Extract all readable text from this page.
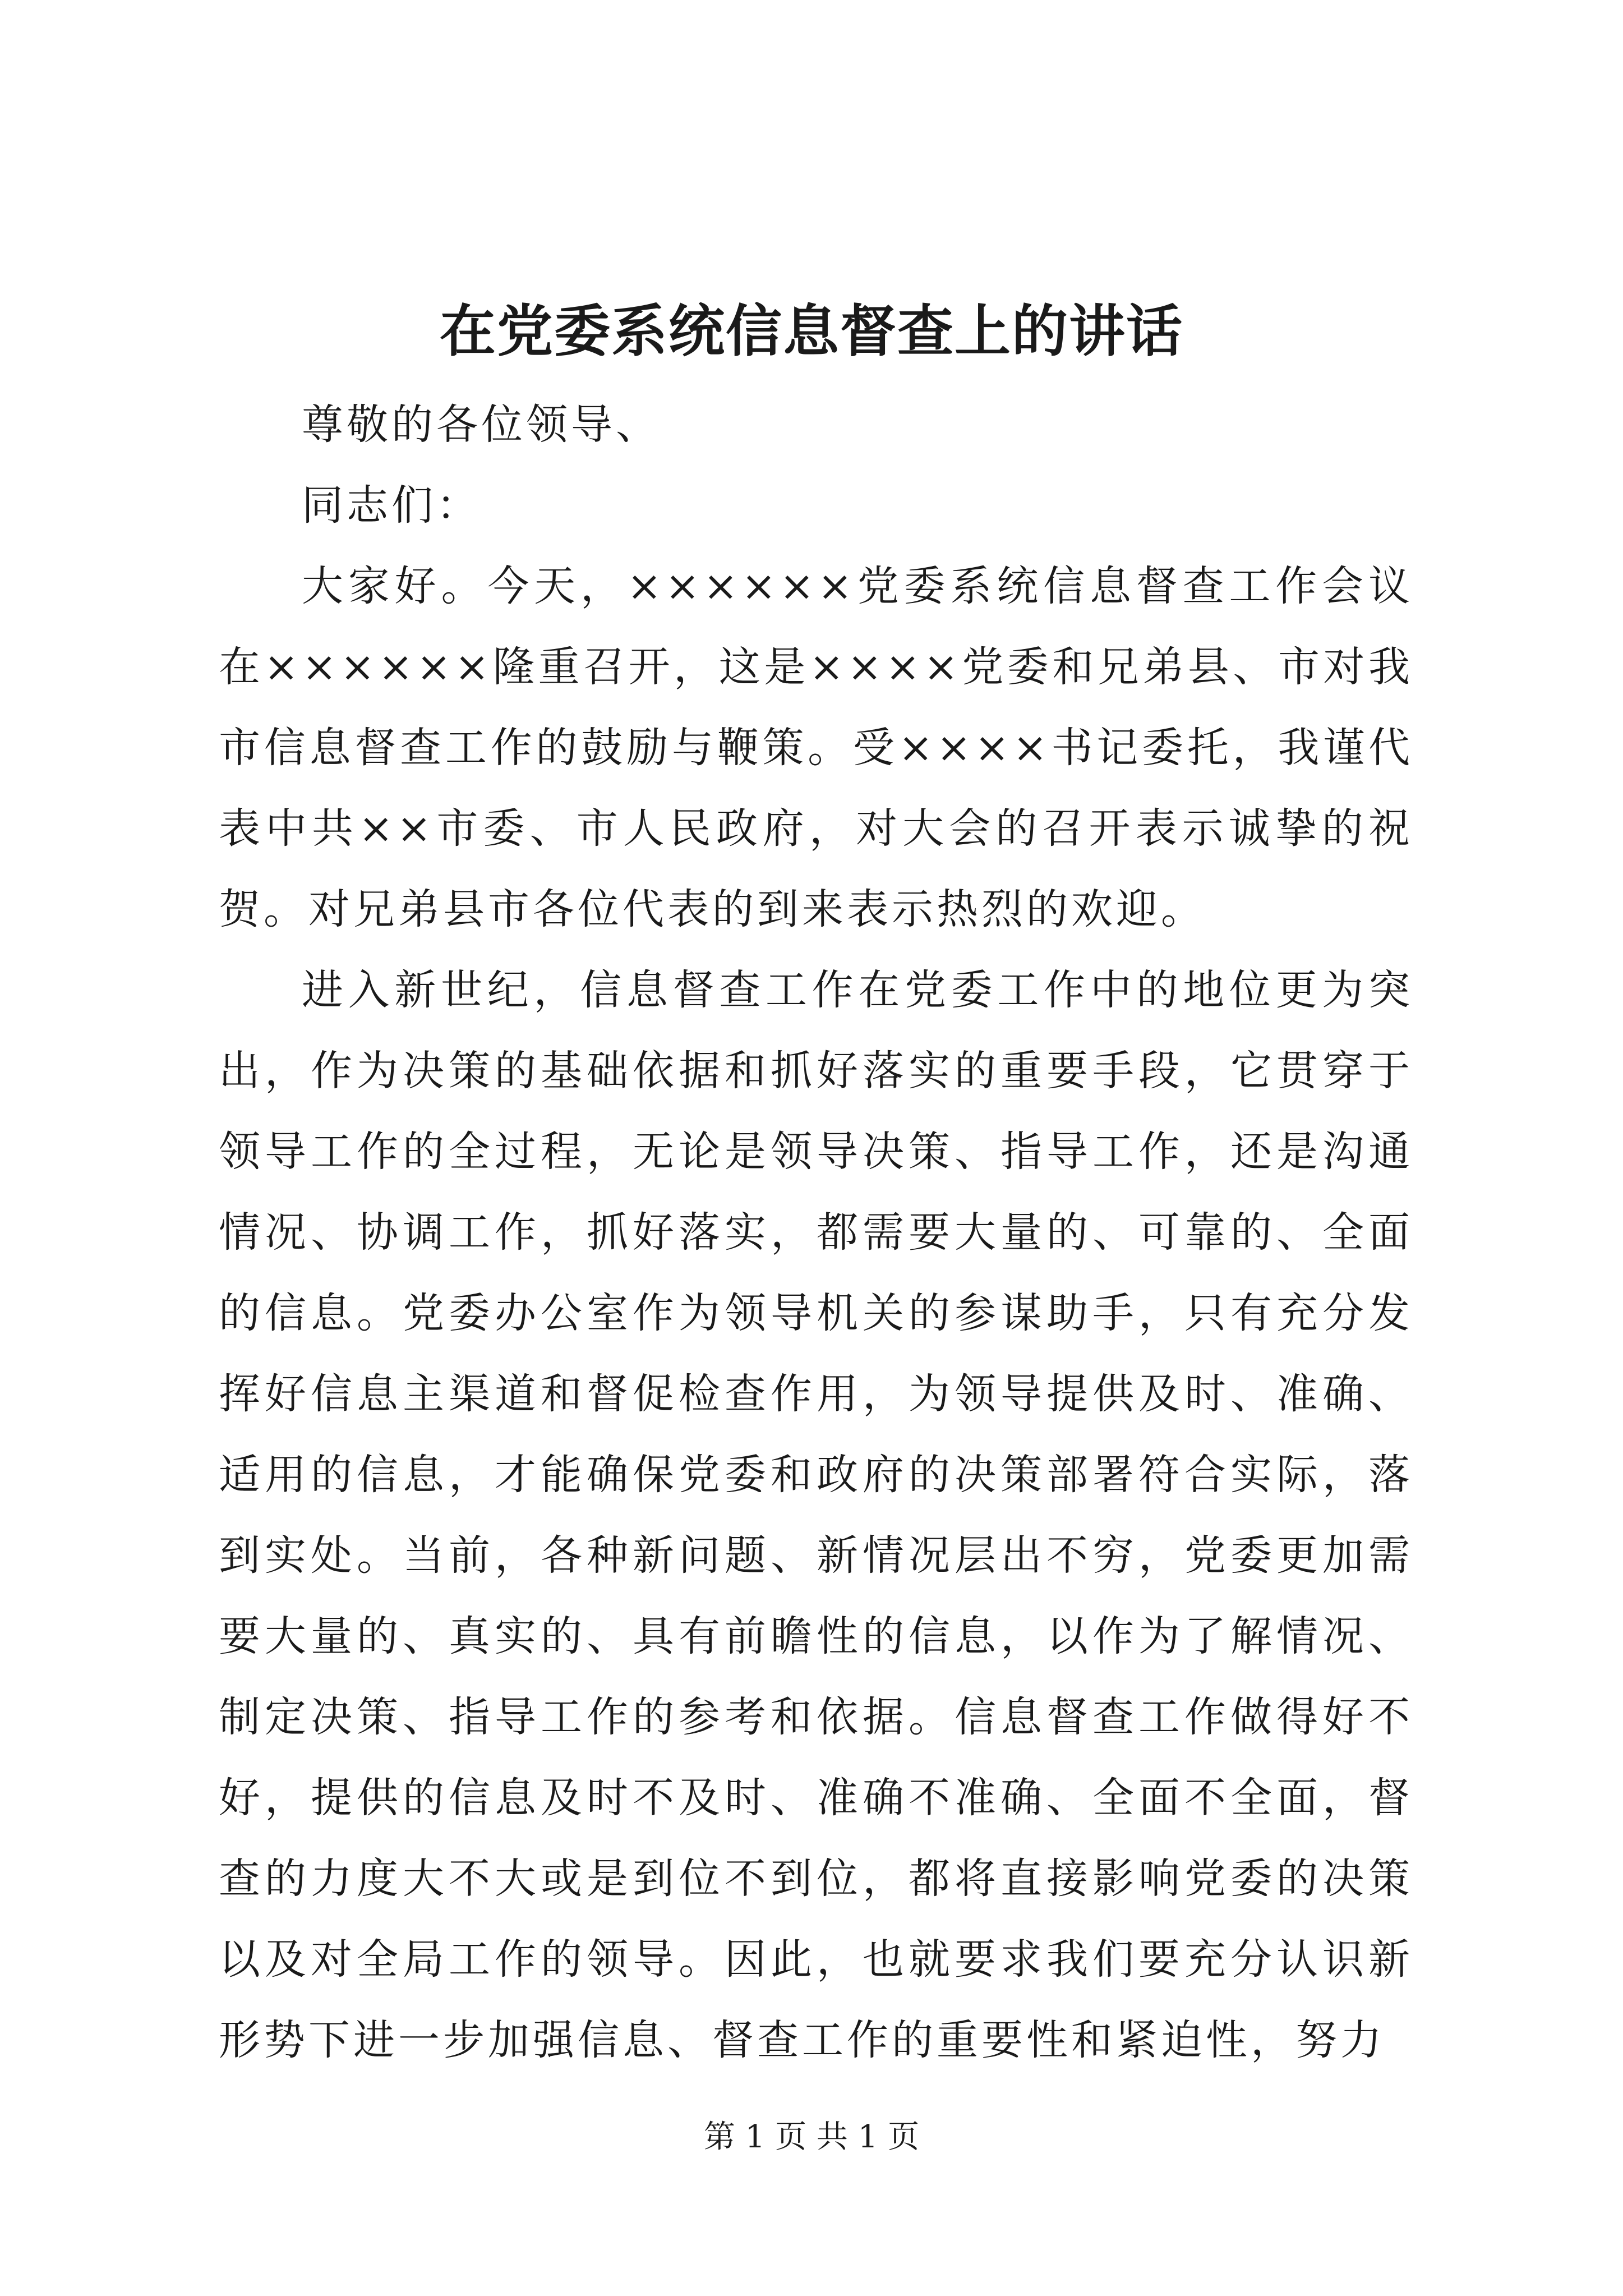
在党委系统信息督查上的讲话

尊敬的各位领导、

同志们：

大家好。今天，××××××党委系统信息督查工作会议在××××××隆重召开，这是××××党委和兄弟县、市对我市信息督查工作的鼓励与鞭策。受××××书记委托，我谨代表中共××市委、市人民政府，对大会的召开表示诚挚的祝贺。对兄弟县市各位代表的到来表示热烈的欢迎。

进入新世纪，信息督查工作在党委工作中的地位更为突出，作为决策的基础依据和抓好落实的重要手段，它贯穿于领导工作的全过程，无论是领导决策、指导工作，还是沟通情况、协调工作，抓好落实，都需要大量的、可靠的、全面的信息。党委办公室作为领导机关的参谋助手，只有充分发挥好信息主渠道和督促检查作用，为领导提供及时、准确、适用的信息，才能确保党委和政府的决策部署符合实际，落到实处。当前，各种新问题、新情况层出不穷，党委更加需要大量的、真实的、具有前瞻性的信息，以作为了解情况、制定决策、指导工作的参考和依据。信息督查工作做得好不好，提供的信息及时不及时、准确不准确、全面不全面，督查的力度大不大或是到位不到位，都将直接影响党委的决策以及对全局工作的领导。因此，也就要求我们要充分认识新形势下进一步加强信息、督查工作的重要性和紧迫性，努力

第 1 页 共 1 页
